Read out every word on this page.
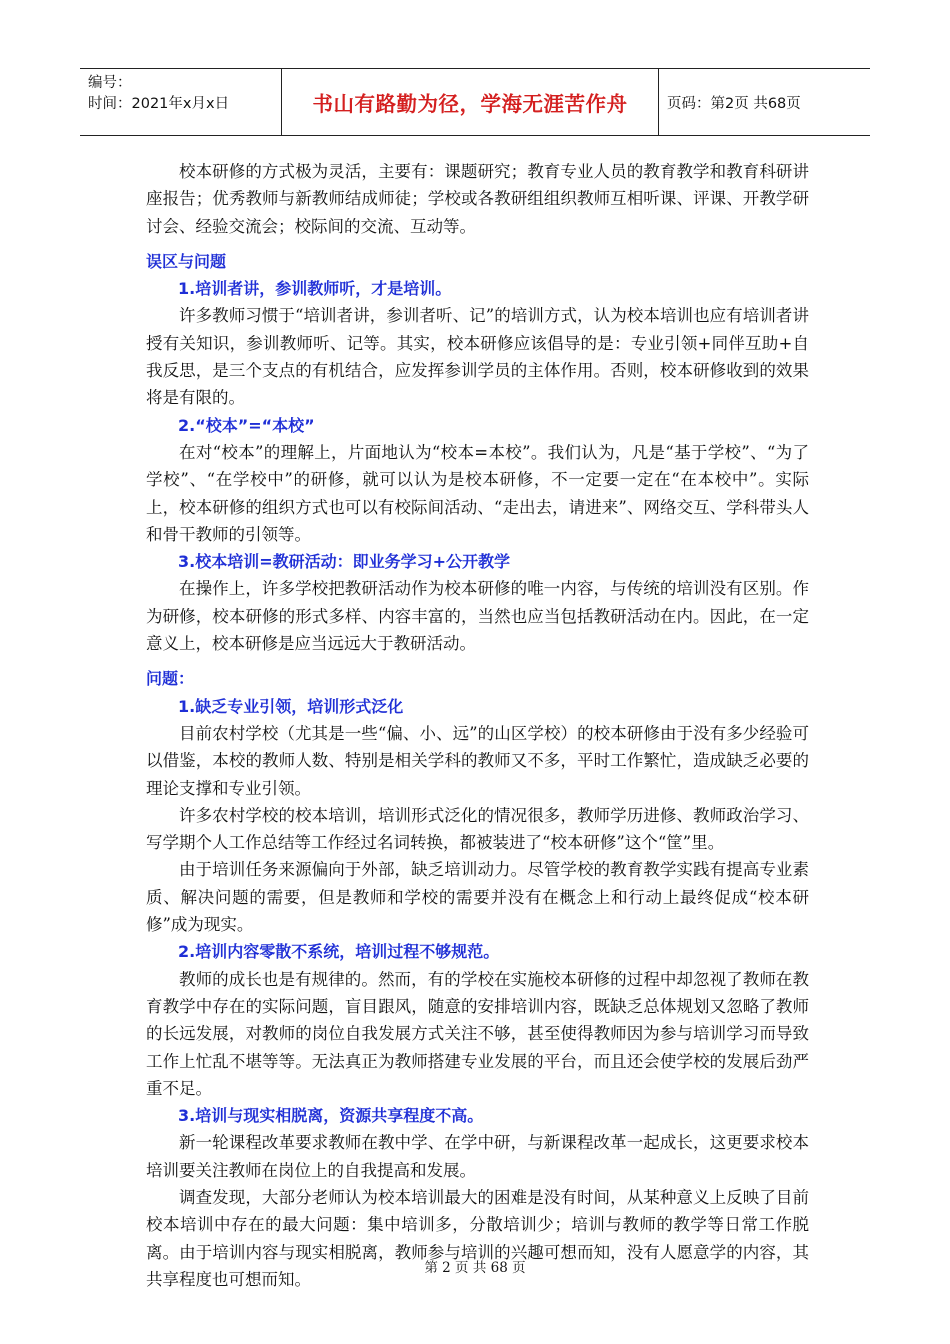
编号：
时间：2021年x月x日	书山有路勤为径，学海无涯苦作舟	页码：第2页 共68页

校本研修的方式极为灵活，主要有：课题研究；教育专业人员的教育教学和教育科研讲座报告；优秀教师与新教师结成师徒；学校或各教研组组织教师互相听课、评课、开教学研讨会、经验交流会；校际间的交流、互动等。

误区与问题

1.培训者讲，参训教师听，才是培训。

许多教师习惯于“培训者讲，参训者听、记”的培训方式，认为校本培训也应有培训者讲授有关知识，参训教师听、记等。其实，校本研修应该倡导的是：专业引领+同伴互助+自我反思，是三个支点的有机结合，应发挥参训学员的主体作用。否则，校本研修收到的效果将是有限的。

2.“校本”=“本校”

在对“校本”的理解上，片面地认为“校本=本校”。我们认为，凡是“基于学校”、“为了学校”、“在学校中”的研修，就可以认为是校本研修，不一定要一定在“在本校中”。实际上，校本研修的组织方式也可以有校际间活动、“走出去，请进来”、网络交互、学科带头人和骨干教师的引领等。

3.校本培训=教研活动：即业务学习+公开教学

在操作上，许多学校把教研活动作为校本研修的唯一内容，与传统的培训没有区别。作为研修，校本研修的形式多样、内容丰富的，当然也应当包括教研活动在内。因此，在一定意义上，校本研修是应当远远大于教研活动。

问题：

1.缺乏专业引领，培训形式泛化

目前农村学校（尤其是一些“偏、小、远”的山区学校）的校本研修由于没有多少经验可以借鉴，本校的教师人数、特别是相关学科的教师又不多，平时工作繁忙，造成缺乏必要的理论支撑和专业引领。

许多农村学校的校本培训，培训形式泛化的情况很多，教师学历进修、教师政治学习、写学期个人工作总结等工作经过名词转换，都被装进了“校本研修”这个“筐”里。

由于培训任务来源偏向于外部，缺乏培训动力。尽管学校的教育教学实践有提高专业素质、解决问题的需要，但是教师和学校的需要并没有在概念上和行动上最终促成“校本研修”成为现实。

2.培训内容零散不系统，培训过程不够规范。

教师的成长也是有规律的。然而，有的学校在实施校本研修的过程中却忽视了教师在教育教学中存在的实际问题，盲目跟风，随意的安排培训内容，既缺乏总体规划又忽略了教师的长远发展，对教师的岗位自我发展方式关注不够，甚至使得教师因为参与培训学习而导致工作上忙乱不堪等等。无法真正为教师搭建专业发展的平台，而且还会使学校的发展后劲严重不足。

3.培训与现实相脱离，资源共享程度不高。

新一轮课程改革要求教师在教中学、在学中研，与新课程改革一起成长，这更要求校本培训要关注教师在岗位上的自我提高和发展。

调查发现，大部分老师认为校本培训最大的困难是没有时间，从某种意义上反映了目前校本培训中存在的最大问题：集中培训多，分散培训少；培训与教师的教学等日常工作脱离。由于培训内容与现实相脱离，教师参与培训的兴趣可想而知，没有人愿意学的内容，其共享程度也可想而知。

第 2 页 共 68 页
